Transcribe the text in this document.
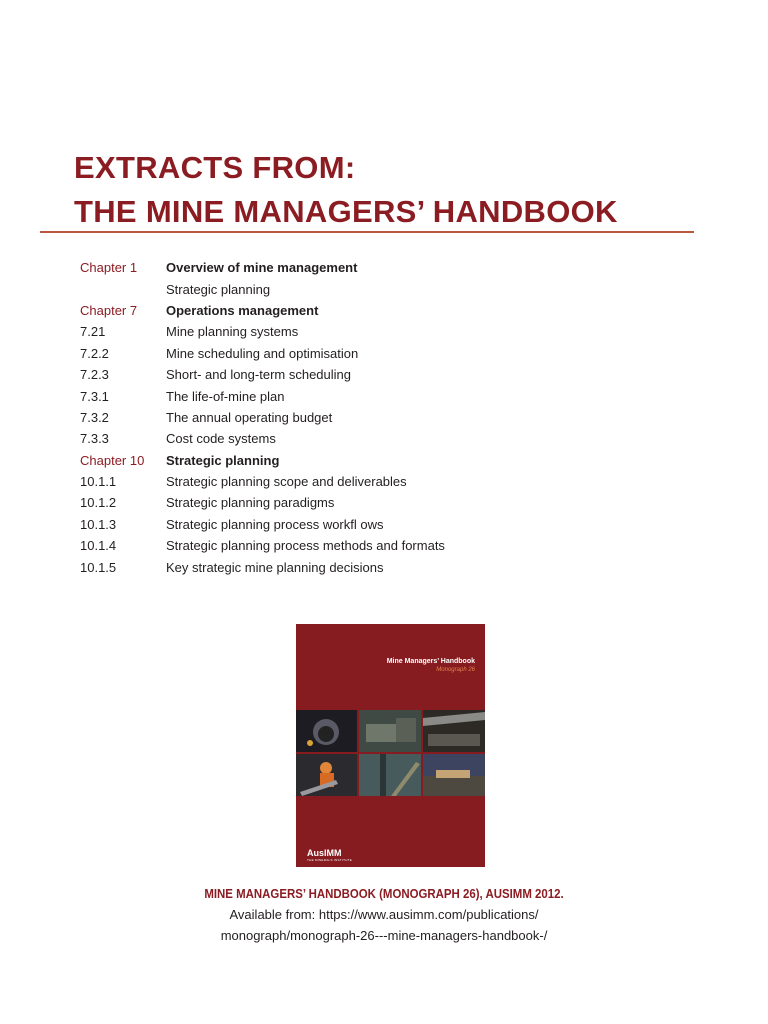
EXTRACTS FROM:
THE MINE MANAGERS’ HANDBOOK
Chapter 1	Overview of mine management
Strategic planning
Chapter 7	Operations management
7.21	Mine planning systems
7.2.2	Mine scheduling and optimisation
7.2.3	Short- and long-term scheduling
7.3.1	The life-of-mine plan
7.3.2	The annual operating budget
7.3.3	Cost code systems
Chapter 10	Strategic planning
10.1.1	Strategic planning scope and deliverables
10.1.2	Strategic planning paradigms
10.1.3	Strategic planning process workfl ows
10.1.4	Strategic planning process methods and formats
10.1.5	Key strategic mine planning decisions
Mine Managers’ Handbook
Monograph 26
AusIMM
THE MINERALS INSTITUTE
MINE MANAGERS’ HANDBOOK (MONOGRAPH 26), AUSIMM 2012.
Available from: https://www.ausimm.com/publications/
monograph/monograph-26---mine-managers-handbook-/
